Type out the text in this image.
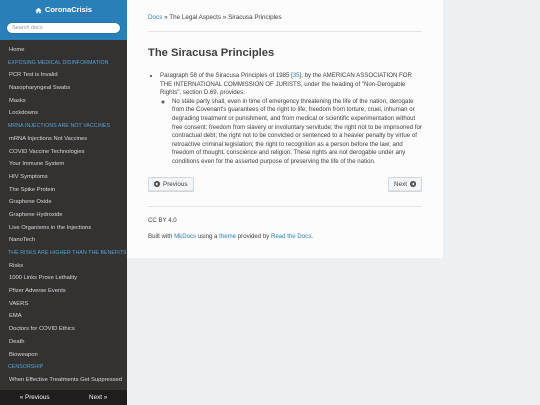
CoronaCrisis
Search docs
Home
EXPOSING MEDICAL DISINFORMATION
PCR Test is Invalid
Nasopharyngeal Swabs
Masks
Lockdowns
MRNA INJECTIONS ARE NOT VACCINES
mRNA Injections Not Vaccines
COVID Vaccine Technologies
Your Immune System
HIV Symptoms
The Spike Protein
Graphene Oxide
Graphene Hydroxide
Live Organisms in the Injections
NanoTech
THE RISKS ARE HIGHER THAN THE BENEFITS
Risks
1000 Links Prove Lethality
Pfizer Adverse Events
VAERS
EMA
Doctors for COVID Ethics
Death
Bioweapon
CENSORSHIP
When Effective Treatments Get Suppressed
« Previous	Next »
Docs » The Legal Aspects » Siracusa Principles
The Siracusa Principles
• Paragraph 58 of the Siracusa Principles of 1985 [35], by the AMERICAN ASSOCIATION FOR THE INTERNATIONAL COMMISSION OF JURISTS, under the heading of "Non-Derogable Rights", section D.69, provides:
◦ No state party shall, even in time of emergency threatening the life of the nation, derogate from the Covenant's guarantees of the right to life; freedom from torture, cruel, inhuman or degrading treatment or punishment, and from medical or scientific experimentation without free consent; freedom from slavery or involuntary servitude; the right not to be imprisoned for contractual debt; the right not to be convicted or sentenced to a heavier penalty by virtue of retroactive criminal legislation; the right to recognition as a person before the law; and freedom of thought, conscience and religion. These rights are not derogable under any conditions even for the asserted purpose of preserving the life of the nation.
Previous	Next
CC BY 4.0
Built with MkDocs using a theme provided by Read the Docs.
